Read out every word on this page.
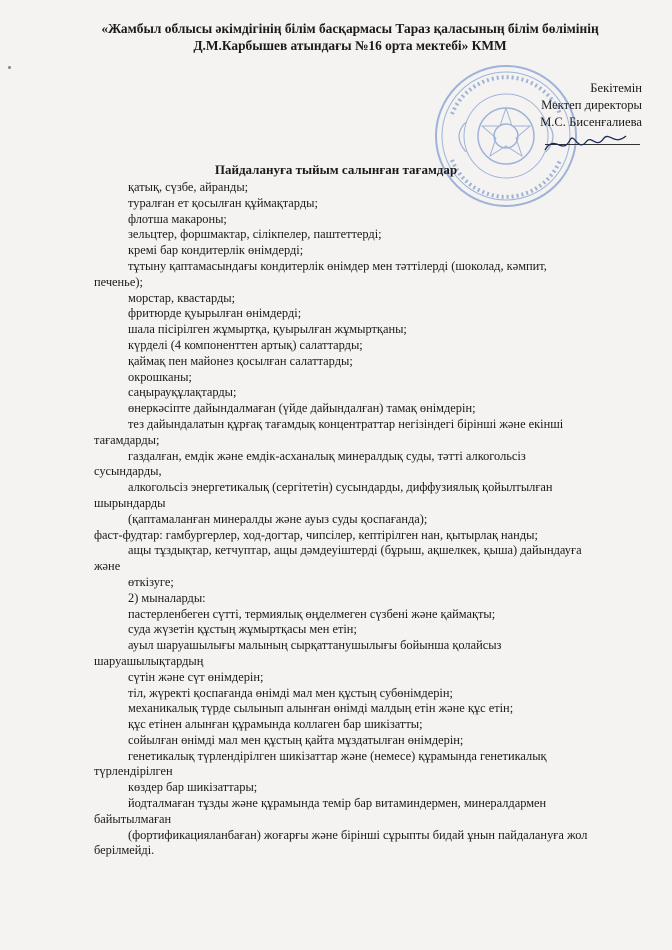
«Жамбыл облысы әкімдігінің білім басқармасы Тараз қаласының білім бөлімінің
Д.М.Карбышев атындағы №16 орта мектебі» КММ
Бекітемін
Мектеп директоры
М.С. Бисенғалиева
Пайдалануға тыйым салынған тағамдар
қатық, сүзбе, айранды;
туралған ет қосылған құймақтарды;
флотша макароны;
зельцтер, форшмактар, сілікпелер, паштеттерді;
кремі бар кондитерлік өнімдерді;
тұтыну қаптамасындағы кондитерлік өнімдер мен тәттілерді (шоколад, кәмпит,
печенье);
морстар, квастарды;
фритюрде қуырылған өнімдерді;
шала пісірілген жұмыртқа, қуырылған жұмыртқаны;
күрделі (4 компоненттен артық) салаттарды;
қаймақ пен майонез қосылған салаттарды;
окрошканы;
саңырауқұлақтарды;
өнеркәсіпте дайындалмаған (үйде дайындалған) тамақ өнімдерін;
тез дайындалатын құрғақ тағамдық концентраттар негізіндегі бірінші және екінші
тағамдарды;
газдалған, емдік және емдік-асханалық минералдық суды, тәтті алкогольсіз
сусындарды,
алкогольсіз энергетикалық (сергітетін) сусындарды, диффузиялық қойылтылған
шырындарды
(қаптамаланған минералды және ауыз суды қоспағанда);
фаст-фудтар: гамбургерлер, ход-догтар, чипсілер, кептірілген нан, қытырлақ нанды;
ащы тұздықтар, кетчуптар, ащы дәмдеуіштерді (бұрыш, ақшелкек, қыша) дайындауға
және
өткізуге;
2) мыналарды:
пастерленбеген сүтті, термиялық өңделмеген сүзбені және қаймақты;
суда жүзетін құстың жұмыртқасы мен етін;
ауыл шаруашылығы малының сырқаттанушылығы бойынша қолайсыз
шаруашылықтардың
сүтін және сүт өнімдерін;
тіл, жүректі қоспағанда өнімді мал мен құстың субөнімдерін;
механикалық түрде сылынып алынған өнімді малдың етін және құс етін;
құс етінен алынған құрамында коллаген бар шикізатты;
сойылған өнімді мал мен құстың қайта мұздатылған өнімдерін;
генетикалық түрлендірілген шикізаттар және (немесе) құрамында генетикалық
түрлендірілген
көздер бар шикізаттары;
йодталмаған тұзды және құрамында темір бар витаминдермен, минералдармен
байытылмаған
(фортификацияланбаған) жоғарғы және бірінші сұрыпты бидай ұнын пайдалануға жол
берілмейді.
